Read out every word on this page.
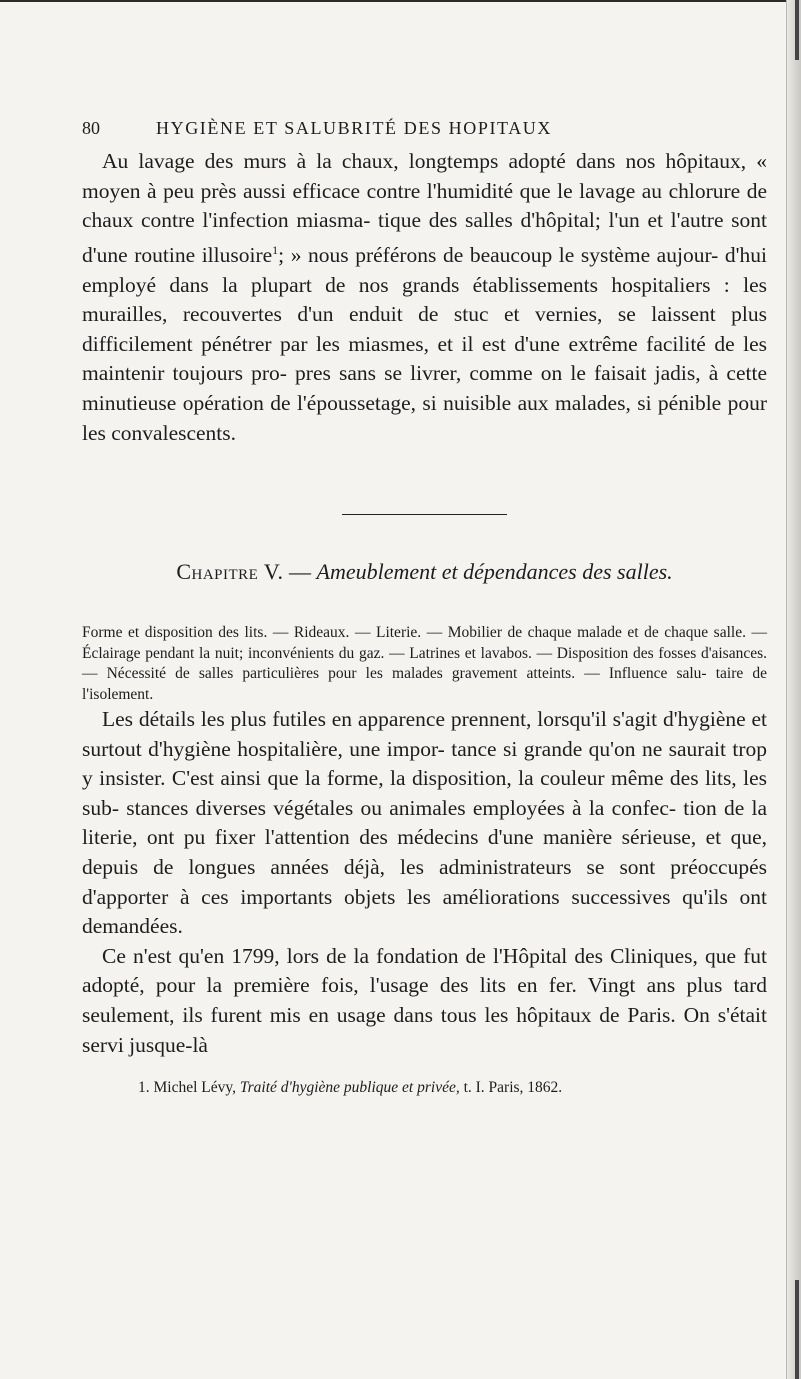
80	HYGIÈNE ET SALUBRITÉ DES HOPITAUX

Au lavage des murs à la chaux, longtemps adopté dans nos hôpitaux, « moyen à peu près aussi efficace contre l'humidité que le lavage au chlorure de chaux contre l'infection miasma- tique des salles d'hôpital; l'un et l'autre sont d'une routine illusoire$^1$; » nous préférons de beaucoup le système aujour- d'hui employé dans la plupart de nos grands établissements hospitaliers : les murailles, recouvertes d'un enduit de stuc et vernies, se laissent plus difficilement pénétrer par les miasmes, et il est d'une extrême facilité de les maintenir toujours pro- pres sans se livrer, comme on le faisait jadis, à cette minutieuse opération de l'époussetage, si nuisible aux malades, si pénible pour les convalescents.

Chapitre V. — Ameublement et dépendances des salles.

Forme et disposition des lits. — Rideaux. — Literie. — Mobilier de chaque malade et de chaque salle. — Éclairage pendant la nuit; inconvénients du gaz. — Latrines et lavabos. — Disposition des fosses d'aisances. — Nécessité de salles particulières pour les malades gravement atteints. — Influence salu- taire de l'isolement.

Les détails les plus futiles en apparence prennent, lorsqu'il s'agit d'hygiène et surtout d'hygiène hospitalière, une impor- tance si grande qu'on ne saurait trop y insister. C'est ainsi que la forme, la disposition, la couleur même des lits, les sub- stances diverses végétales ou animales employées à la confec- tion de la literie, ont pu fixer l'attention des médecins d'une manière sérieuse, et que, depuis de longues années déjà, les administrateurs se sont préoccupés d'apporter à ces importants objets les améliorations successives qu'ils ont demandées.

Ce n'est qu'en 1799, lors de la fondation de l'Hôpital des Cliniques, que fut adopté, pour la première fois, l'usage des lits en fer. Vingt ans plus tard seulement, ils furent mis en usage dans tous les hôpitaux de Paris. On s'était servi jusque-là

1. Michel Lévy, Traité d'hygiène publique et privée, t. I. Paris, 1862.
